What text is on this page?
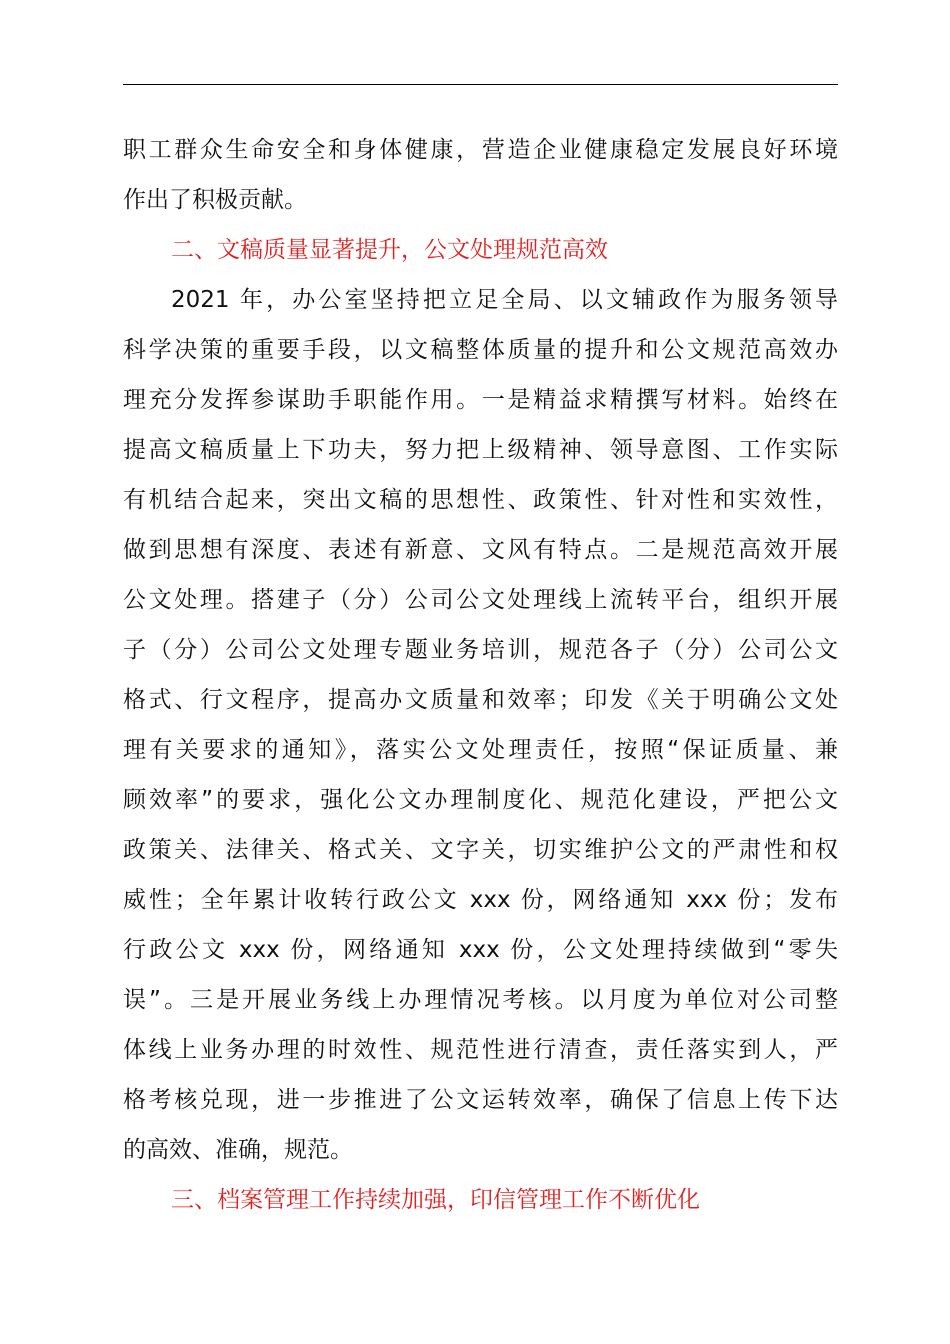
职工群众生命安全和身体健康，营造企业健康稳定发展良好环境
作出了积极贡献。
二、文稿质量显著提升，公文处理规范高效
2021 年，办公室坚持把立足全局、以文辅政作为服务领导
科学决策的重要手段，以文稿整体质量的提升和公文规范高效办
理充分发挥参谋助手职能作用。一是精益求精撰写材料。始终在
提高文稿质量上下功夫，努力把上级精神、领导意图、工作实际
有机结合起来，突出文稿的思想性、政策性、针对性和实效性，
做到思想有深度、表述有新意、文风有特点。二是规范高效开展
公文处理。搭建子（分）公司公文处理线上流转平台，组织开展
子（分）公司公文处理专题业务培训，规范各子（分）公司公文
格式、行文程序，提高办文质量和效率；印发《关于明确公文处
理有关要求的通知》，落实公文处理责任，按照“保证质量、兼
顾效率”的要求，强化公文办理制度化、规范化建设，严把公文
政策关、法律关、格式关、文字关，切实维护公文的严肃性和权
威性；全年累计收转行政公文 xxx 份，网络通知 xxx 份；发布
行政公文 xxx 份，网络通知 xxx 份，公文处理持续做到“零失
误”。三是开展业务线上办理情况考核。以月度为单位对公司整
体线上业务办理的时效性、规范性进行清查，责任落实到人，严
格考核兑现，进一步推进了公文运转效率，确保了信息上传下达
的高效、准确，规范。
三、档案管理工作持续加强，印信管理工作不断优化
